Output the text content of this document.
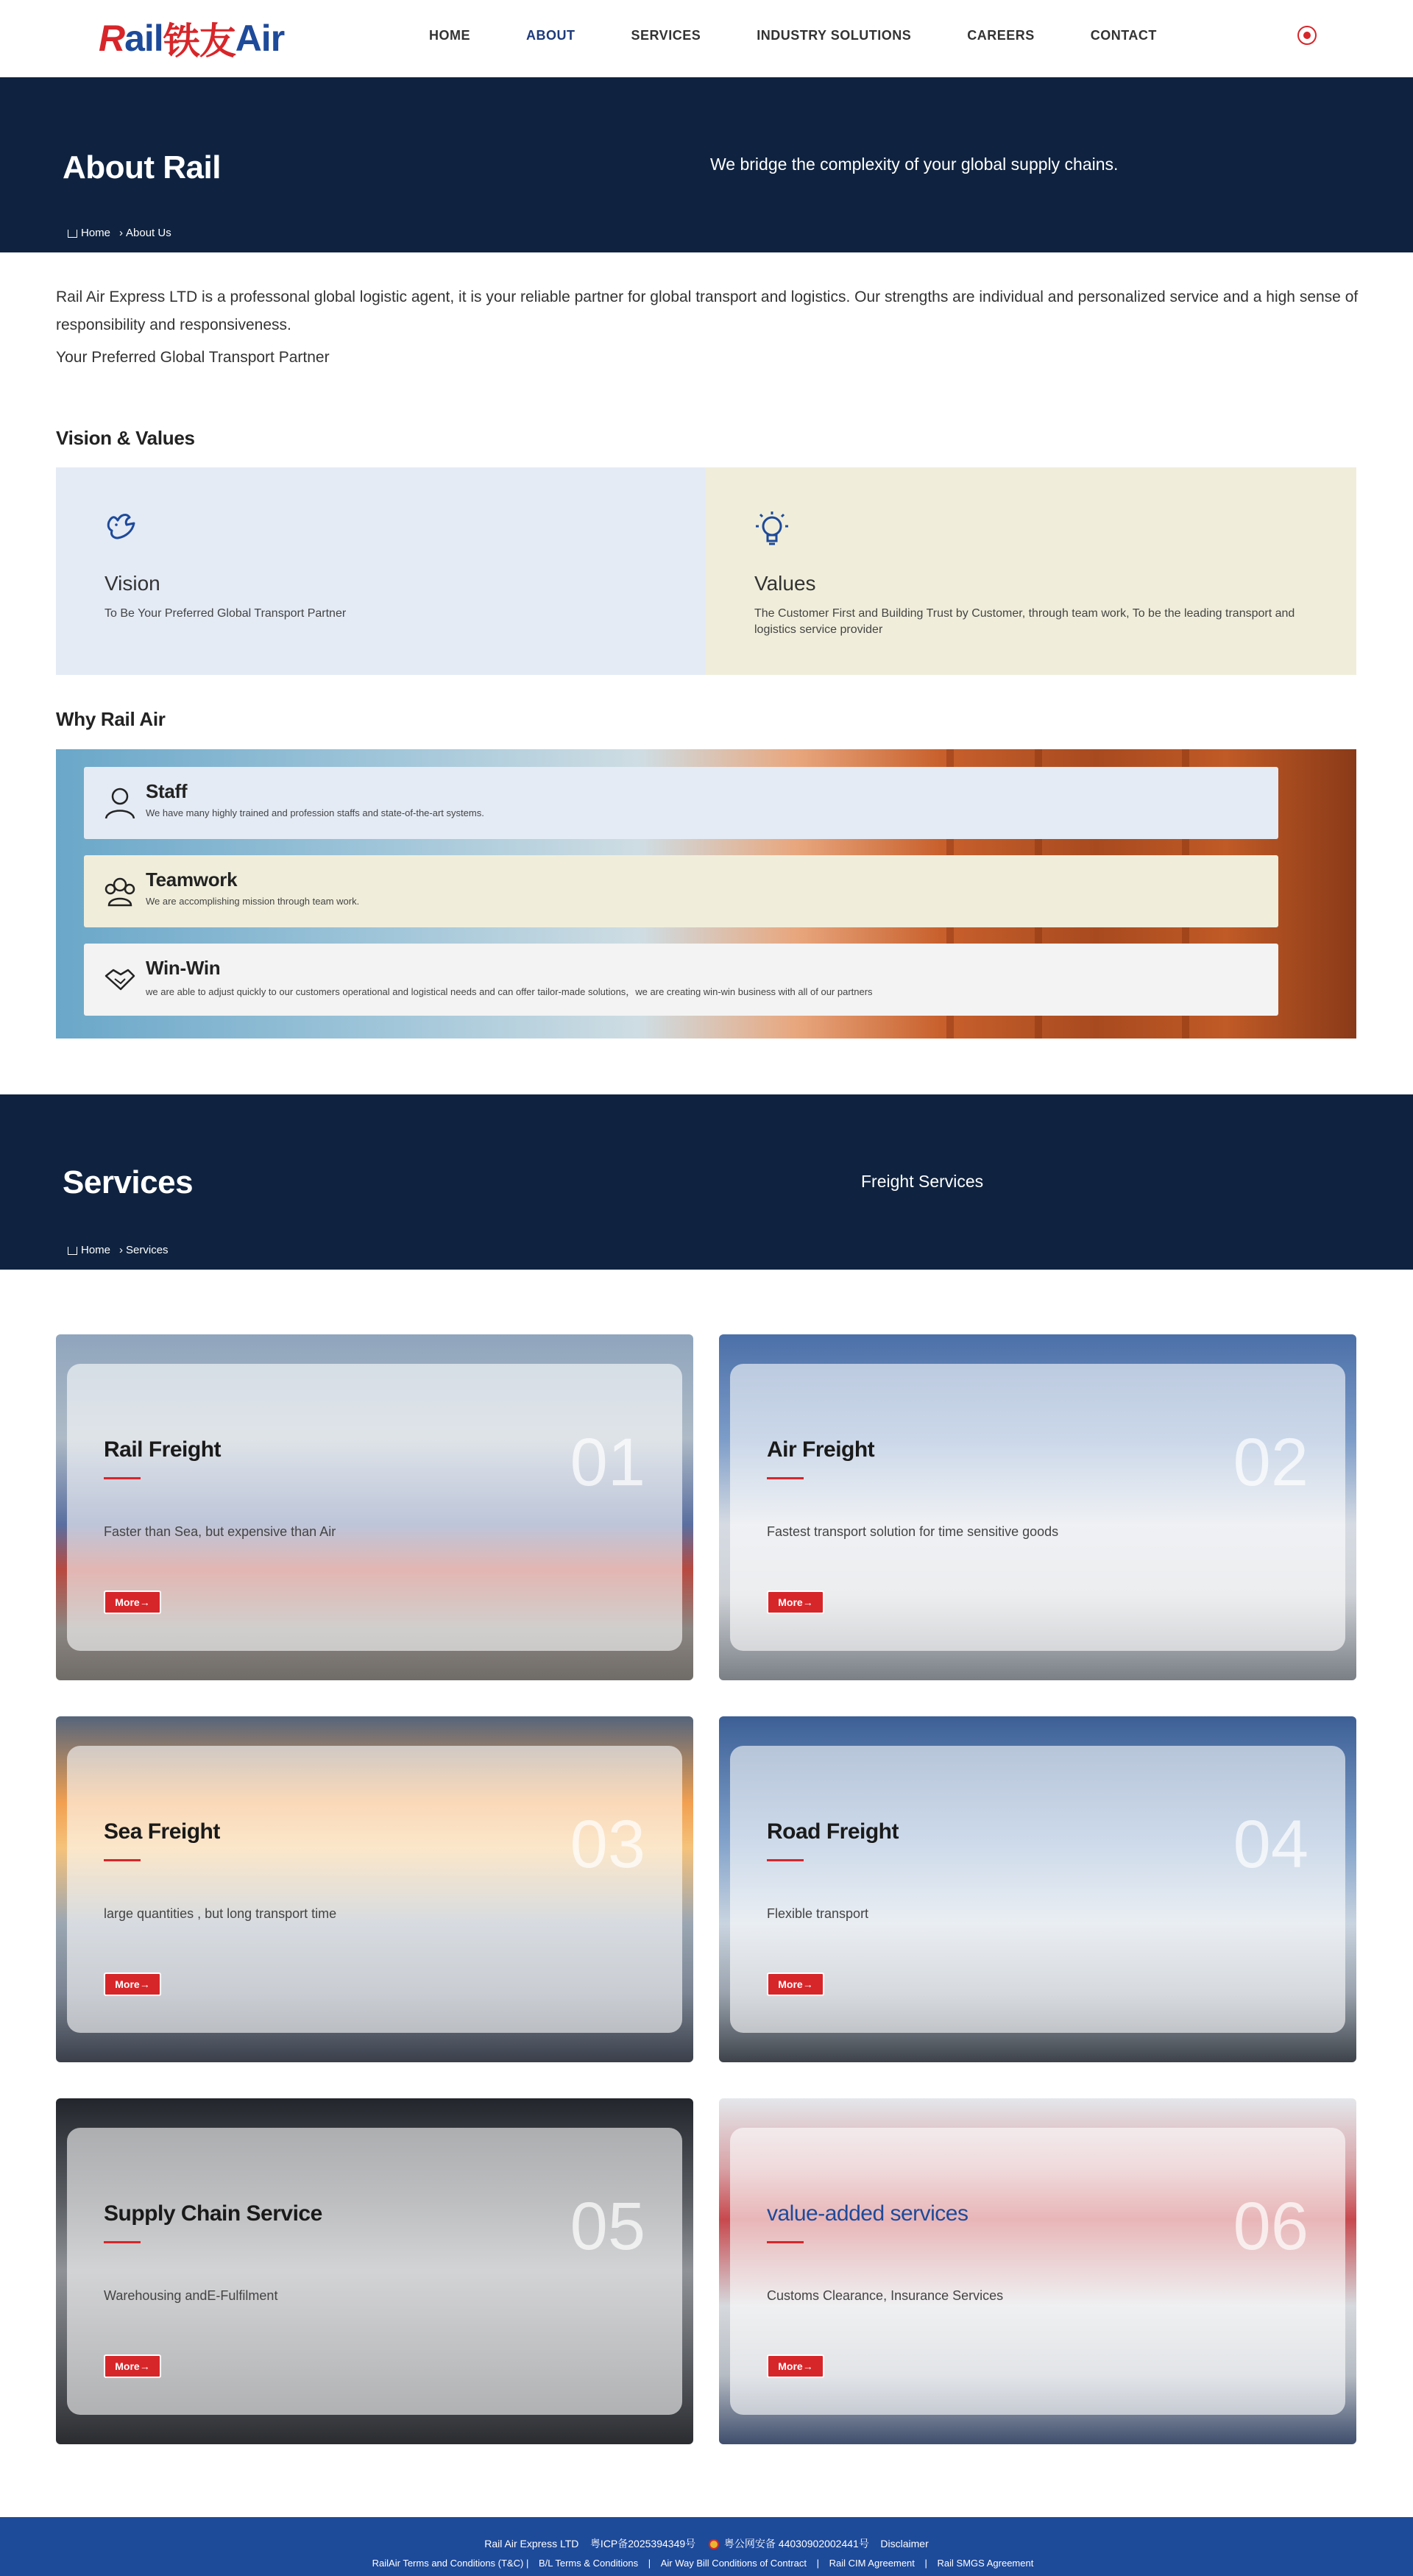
R ail 铁友 Air	HOME	ABOUT	SERVICES	INDUSTRY SOLUTIONS	CAREERS	CONTACT
About Rail	We bridge the complexity of your global supply chains.
Home › About Us

Rail Air Express LTD is a professonal global logistic agent, it is your reliable partner for global transport and logistics. Our strengths are individual and personalized service and a high sense of responsibility and responsiveness.

Your Preferred Global Transport Partner

Vision & Values
Vision
To Be Your Preferred Global Transport Partner
Values
The Customer First and Building Trust by Customer, through team work, To be the leading transport and logistics service provider
Why Rail Air
Staff
We have many highly trained and profession staffs and state-of-the-art systems.
Teamwork
We are accomplishing mission through team work.
Win-Win
we are able to adjust quickly to our customers operational and logistical needs and can offer tailor-made solutions，we are creating win-win business with all of our partners
Services	Freight Services
Home › Services
01
Rail Freight
Faster than Sea, but expensive than Air
More→
02
Air Freight
Fastest transport solution for time sensitive goods
More→
03
Sea Freight
large quantities , but long transport time
More→
04
Road Freight
Flexible transport
More→
05
Supply Chain Service
Warehousing andE-Fulfilment
More→
06
value-added services
Customs Clearance, Insurance Services
More→
Rail Air Express LTD 粤ICP备2025394349号	粤公网安备 44030902002441号 Disclaimer
RailAir Terms and Conditions (T&C) | B/L Terms & Conditions | Air Way Bill Conditions of Contract | Rail CIM Agreement | Rail SMGS Agreement
